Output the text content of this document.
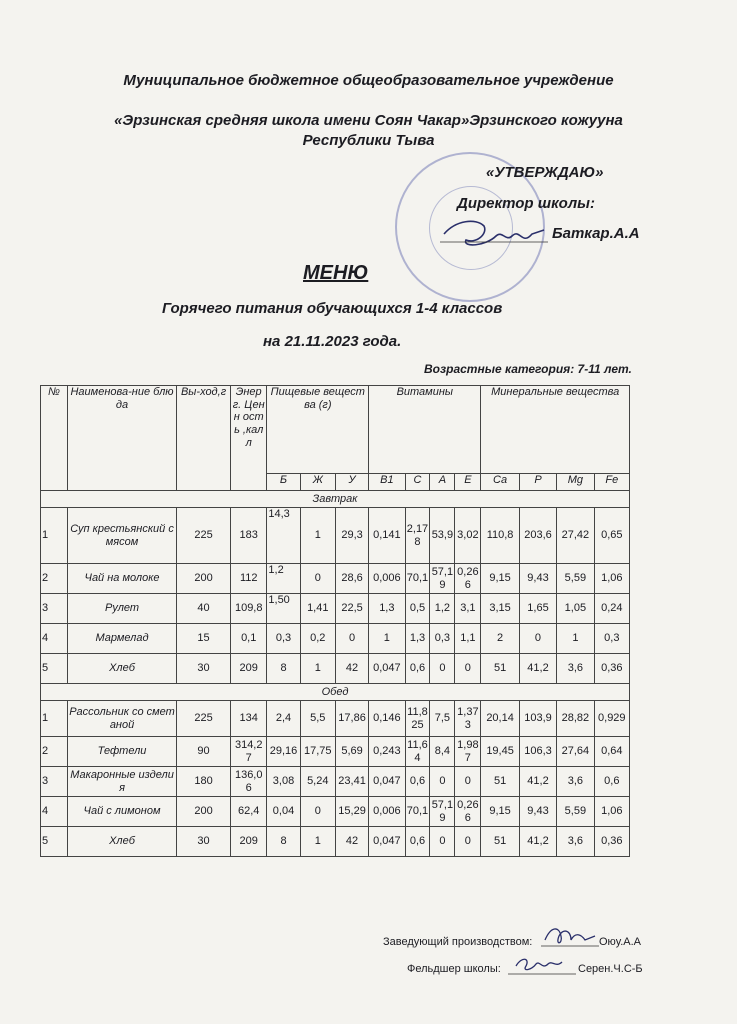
Муниципальное бюджетное общеобразовательное учреждение
«Эрзинская средняя школа имени Соян Чакар»Эрзинского кожууна
Республики Тыва
«УТВЕРЖДАЮ»
Директор школы:
Баткар.А.А
МЕНЮ
Горячего питания обучающихся 1-4 классов
на 21.11.2023 года.
Возрастные категория: 7-11 лет.
№	Наименова-ние блюда	Вы-ход,г	Энер г. Ценн ость ,калл	Пищевые вещества (г)			Витамины				Минеральные вещества			
				Б	Ж	У	В1	С	А	Е	Са	Р	Mg	Fe
Завтрак														
1	Суп крестьянский с мясом	225	183	14,3	1	29,3	0,141	2,178	53,9	3,02	110,8	203,6	27,42	0,65
2	Чай на молоке	200	112	1,2	0	28,6	0,006	70,1	57,19	0,266	9,15	9,43	5,59	1,06
3	Рулет	40	109,8	1,50	1,41	22,5	1,3	0,5	1,2	3,1	3,15	1,65	1,05	0,24
4	Мармелад	15	0,1	0,3	0,2	0	1	1,3	0,3	1,1	2	0	1	0,3
5	Хлеб	30	209	8	1	42	0,047	0,6	0	0	51	41,2	3,6	0,36
Обед														
1	Рассольник со сметаной	225	134	2,4	5,5	17,86	0,146	11,825	7,5	1,373	20,14	103,9	28,82	0,929
2	Тефтели	90	314,27	29,16	17,75	5,69	0,243	11,64	8,4	1,987	19,45	106,3	27,64	0,64
3	Макаронные изделия	180	136,06	3,08	5,24	23,41	0,047	0,6	0	0	51	41,2	3,6	0,6
4	Чай с лимоном	200	62,4	0,04	0	15,29	0,006	70,1	57,19	0,266	9,15	9,43	5,59	1,06
5	Хлеб	30	209	8	1	42	0,047	0,6	0	0	51	41,2	3,6	0,36
Заведующий производством:	Оюу.А.А
Фельдшер школы:	Серен.Ч.С-Б
